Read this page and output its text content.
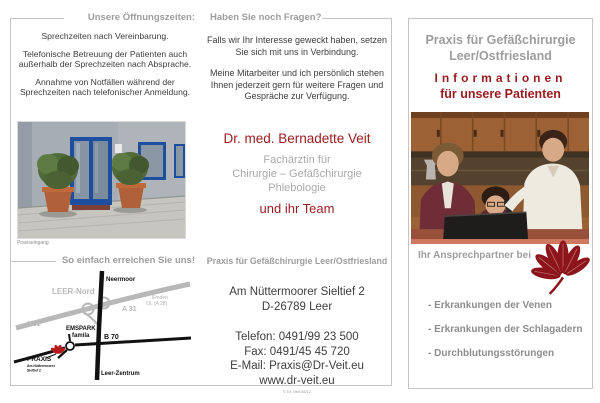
Unsere Öffnungszeiten:

Sprechzeiten nach Vereinbarung.

Telefonische Betreuung der Patienten auch außerhalb der Sprechzeiten nach Absprache.

Annahme von Notfällen während der Sprechzeiten nach telefonischer Anmeldung.

Praxiseingang
So einfach erreichen Sie uns!
Neermoor
LEER-Nord
Emden
OL (A 28)
A 31
A 31
EMSPARK
famila B 70
PRAXIS
Am Nüttermoorer
Sieltief 2
Leer-Zentrum
Haben Sie noch Fragen?

Falls wir Ihr Interesse geweckt haben, setzen Sie sich mit uns in Verbindung.

Meine Mitarbeiter und ich persönlich stehen Ihnen jederzeit gern für weitere Fragen und Gespräche zur Verfügung.

Dr. med. Bernadette Veit
Fachärztin für
Chirurgie – Gefäßchirurgie
Phlebologie
und ihr Team
Praxis für Gefäßchirurgie Leer/Ostfriesland
Am Nüttermoorer Sieltief 2
D-26789 Leer
Telefon: 0491/99 23 500
Fax: 0491/45 45 720
E-Mail: Praxis@Dr-Veit.eu
www.dr-veit.eu
© Dr. Veit 08/12
Praxis für Gefäßchirurgie
Leer/Ostfriesland
Informationen
für unsere Patienten
Ihr Ansprechpartner bei
- Erkrankungen der Venen
- Erkrankungen der Schlagadern
- Durchblutungsstörungen
